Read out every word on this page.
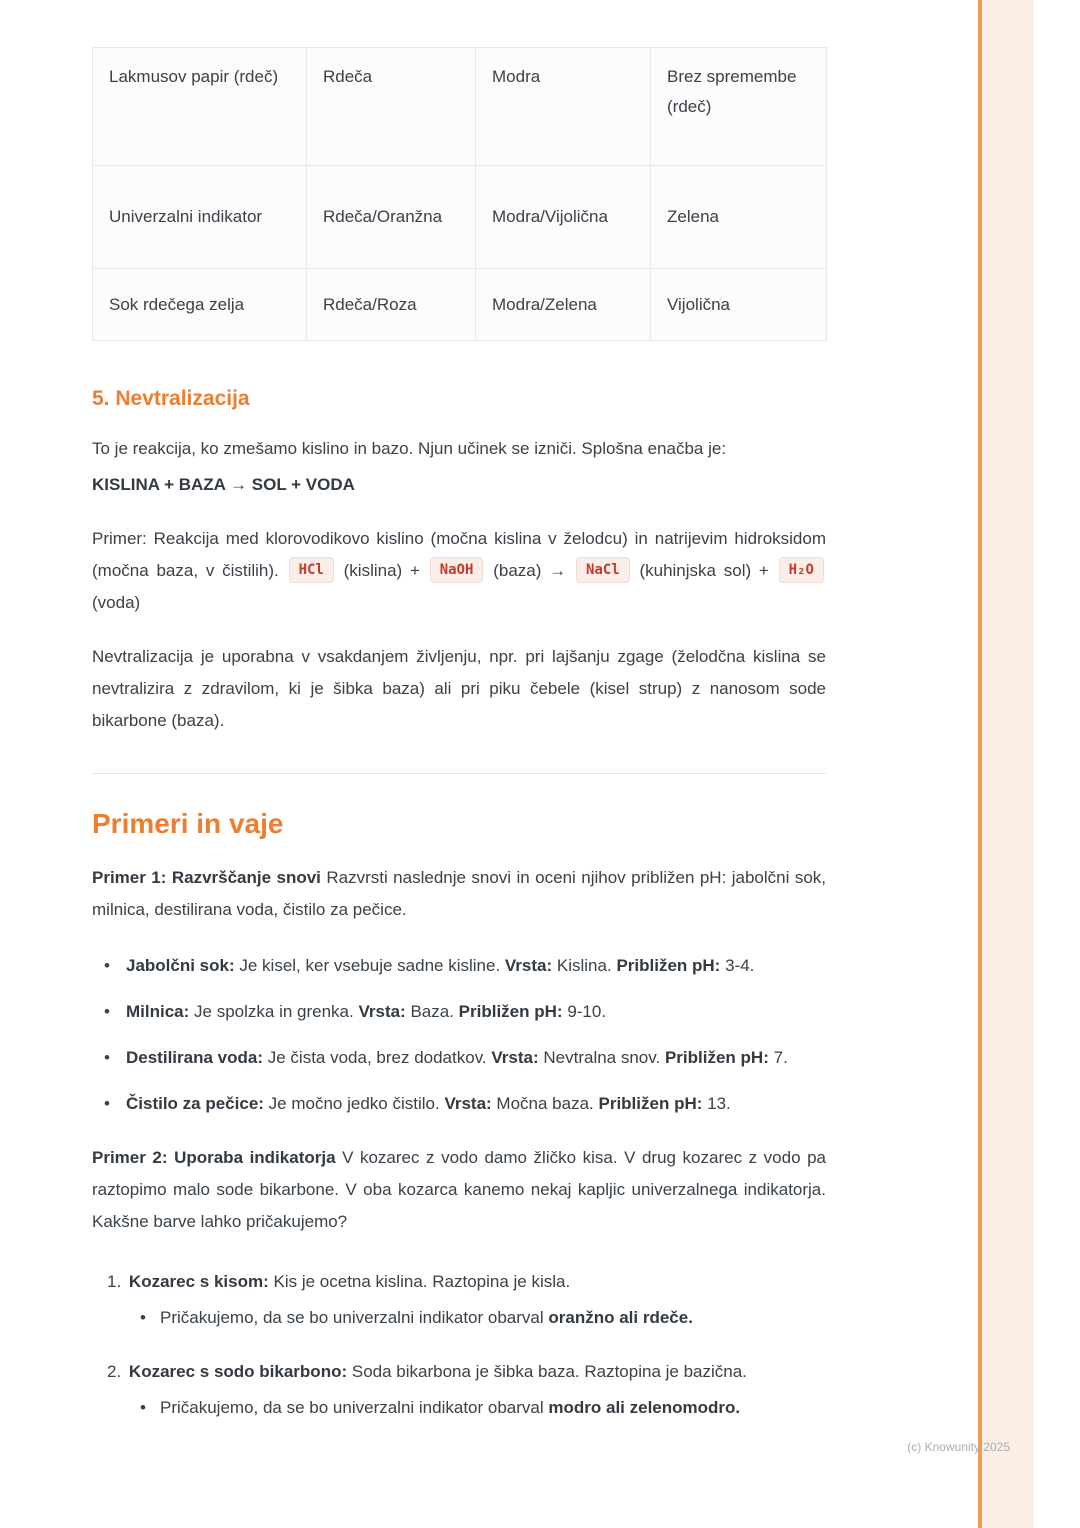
Lakmusov papir (rdeč)	Rdeča	Modra	Brez spremembe (rdeč)
Univerzalni indikator	Rdeča/Oranžna	Modra/Vijolična	Zelena
Sok rdečega zelja	Rdeča/Roza	Modra/Zelena	Vijolična
5. Nevtralizacija

To je reakcija, ko zmešamo kislino in bazo. Njun učinek se izniči. Splošna enačba je:

KISLINA + BAZA → SOL + VODA

Primer: Reakcija med klorovodikovo kislino (močna kislina v želodcu) in natrijevim hidroksidom (močna baza, v čistilih). HCl (kislina) + NaOH (baza) → NaCl (kuhinjska sol) + H₂O (voda)

Nevtralizacija je uporabna v vsakdanjem življenju, npr. pri lajšanju zgage (želodčna kislina se nevtralizira z zdravilom, ki je šibka baza) ali pri piku čebele (kisel strup) z nanosom sode bikarbone (baza).

Primeri in vaje

Primer 1: Razvrščanje snovi Razvrsti naslednje snovi in oceni njihov približen pH: jabolčni sok, milnica, destilirana voda, čistilo za pečice.

• Jabolčni sok: Je kisel, ker vsebuje sadne kisline. Vrsta: Kislina. Približen pH: 3-4.
• Milnica: Je spolzka in grenka. Vrsta: Baza. Približen pH: 9-10.
• Destilirana voda: Je čista voda, brez dodatkov. Vrsta: Nevtralna snov. Približen pH: 7.
• Čistilo za pečice: Je močno jedko čistilo. Vrsta: Močna baza. Približen pH: 13.

Primer 2: Uporaba indikatorja V kozarec z vodo damo žličko kisa. V drug kozarec z vodo pa raztopimo malo sode bikarbone. V oba kozarca kanemo nekaj kapljic univerzalnega indikatorja. Kakšne barve lahko pričakujemo?

1. Kozarec s kisom: Kis je ocetna kislina. Raztopina je kisla.
• Pričakujemo, da se bo univerzalni indikator obarval oranžno ali rdeče.
2. Kozarec s sodo bikarbono: Soda bikarbona je šibka baza. Raztopina je bazična.
• Pričakujemo, da se bo univerzalni indikator obarval modro ali zelenomodro.
(c) Knowunity 2025
